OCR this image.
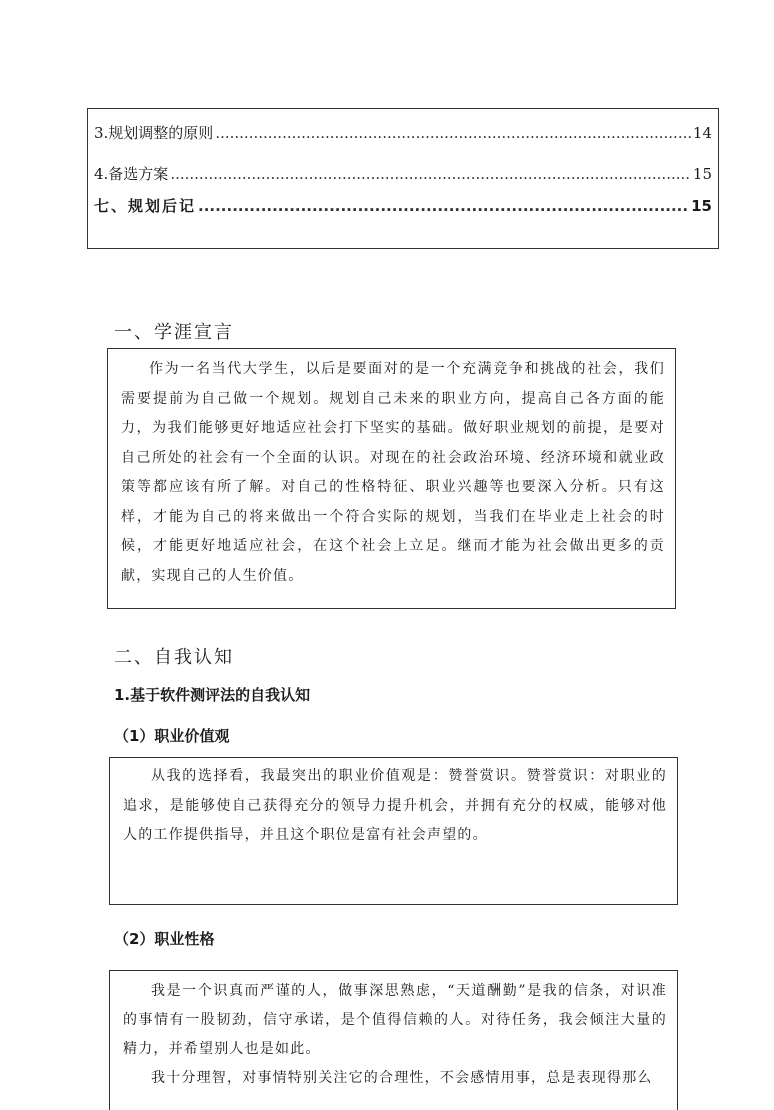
3.规划调整的原则 .....	14
4.备选方案 .....	15
七、规划后记 .....	15
一、学涯宣言

作为一名当代大学生，以后是要面对的是一个充满竞争和挑战的社会，我们需要提前为自己做一个规划。规划自己未来的职业方向，提高自己各方面的能力，为我们能够更好地适应社会打下坚实的基础。做好职业规划的前提，是要对自己所处的社会有一个全面的认识。对现在的社会政治环境、经济环境和就业政策等都应该有所了解。对自己的性格特征、职业兴趣等也要深入分析。只有这样，才能为自己的将来做出一个符合实际的规划，当我们在毕业走上社会的时候，才能更好地适应社会，在这个社会上立足。继而才能为社会做出更多的贡献，实现自己的人生价值。

二、自我认知
1.基于软件测评法的自我认知
（1）职业价值观

从我的选择看，我最突出的职业价值观是：赞誉赏识。赞誉赏识：对职业的追求，是能够使自己获得充分的领导力提升机会，并拥有充分的权威，能够对他人的工作提供指导，并且这个职位是富有社会声望的。

（2）职业性格

我是一个识真而严谨的人，做事深思熟虑，“天道酬勤”是我的信条，对识准的事情有一股韧劲，信守承诺，是个值得信赖的人。对待任务，我会倾注大量的精力，并希望别人也是如此。

我十分理智，对事情特别关注它的合理性，不会感情用事，总是表现得那么
